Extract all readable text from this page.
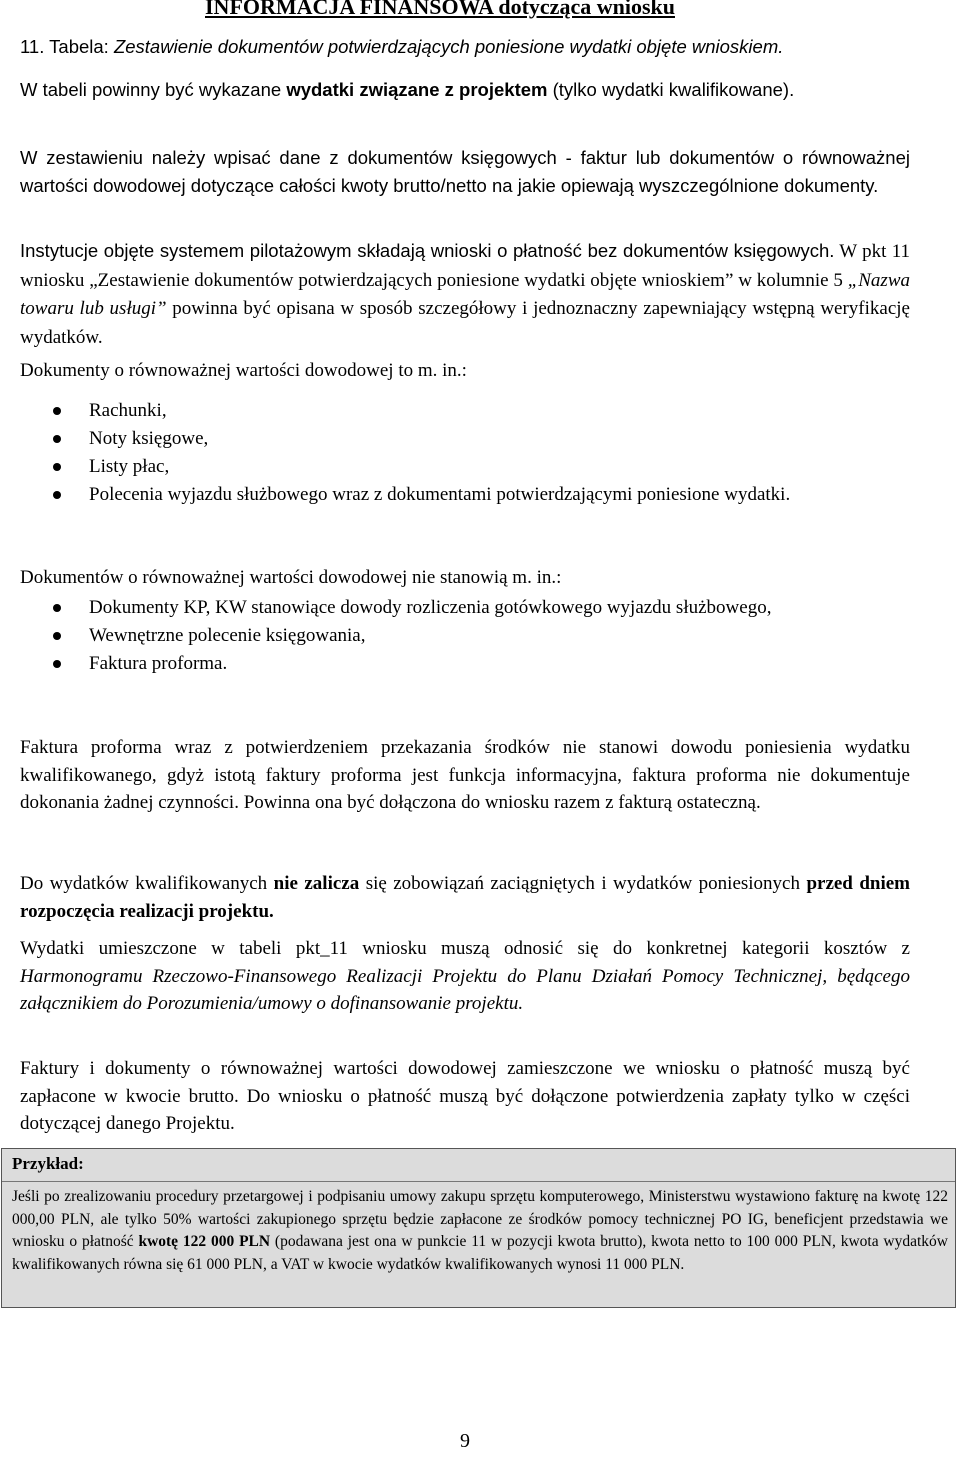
INFORMACJA FINANSOWA dotycząca wniosku

11. Tabela: Zestawienie dokumentów potwierdzających poniesione wydatki objęte wnioskiem.

W tabeli powinny być wykazane wydatki związane z projektem (tylko wydatki kwalifikowane).

W zestawieniu należy wpisać dane z dokumentów księgowych - faktur lub dokumentów o równoważnej wartości dowodowej dotyczące całości kwoty brutto/netto na jakie opiewają wyszczególnione dokumenty.

Instytucje objęte systemem pilotażowym składają wnioski o płatność bez dokumentów księgowych. W pkt 11 wniosku „Zestawienie dokumentów potwierdzających poniesione wydatki objęte wnioskiem” w kolumnie 5 „Nazwa towaru lub usługi” powinna być opisana w sposób szczegółowy i jednoznaczny zapewniający wstępną weryfikację wydatków.

Dokumenty o równoważnej wartości dowodowej to m. in.:

Rachunki,
Noty księgowe,
Listy płac,
Polecenia wyjazdu służbowego wraz z dokumentami potwierdzającymi poniesione wydatki.

Dokumentów o równoważnej wartości dowodowej nie stanowią m. in.:

Dokumenty KP, KW stanowiące dowody rozliczenia gotówkowego wyjazdu służbowego,
Wewnętrzne polecenie księgowania,
Faktura proforma.

Faktura proforma wraz z potwierdzeniem przekazania środków nie stanowi dowodu poniesienia wydatku kwalifikowanego, gdyż istotą faktury proforma jest funkcja informacyjna, faktura proforma nie dokumentuje dokonania żadnej czynności. Powinna ona być dołączona do wniosku razem z fakturą ostateczną.

Do wydatków kwalifikowanych nie zalicza się zobowiązań zaciągniętych i wydatków poniesionych przed dniem rozpoczęcia realizacji projektu.

Wydatki umieszczone w tabeli pkt_11 wniosku muszą odnosić się do konkretnej kategorii kosztów z Harmonogramu Rzeczowo-Finansowego Realizacji Projektu do Planu Działań Pomocy Technicznej, będącego załącznikiem do Porozumienia/umowy o dofinansowanie projektu.

Faktury i dokumenty o równoważnej wartości dowodowej zamieszczone we wniosku o płatność muszą być zapłacone w kwocie brutto. Do wniosku o płatność muszą być dołączone potwierdzenia zapłaty tylko w części dotyczącej danego Projektu.

Przykład:
Jeśli po zrealizowaniu procedury przetargowej i podpisaniu umowy zakupu sprzętu komputerowego, Ministerstwu wystawiono fakturę na kwotę 122 000,00 PLN, ale tylko 50% wartości zakupionego sprzętu będzie zapłacone ze środków pomocy technicznej PO IG, beneficjent przedstawia we wniosku o płatność kwotę 122 000 PLN (podawana jest ona w punkcie 11 w pozycji kwota brutto), kwota netto to 100 000 PLN, kwota wydatków kwalifikowanych równa się 61 000 PLN, a VAT w kwocie wydatków kwalifikowanych wynosi 11 000 PLN.
9
